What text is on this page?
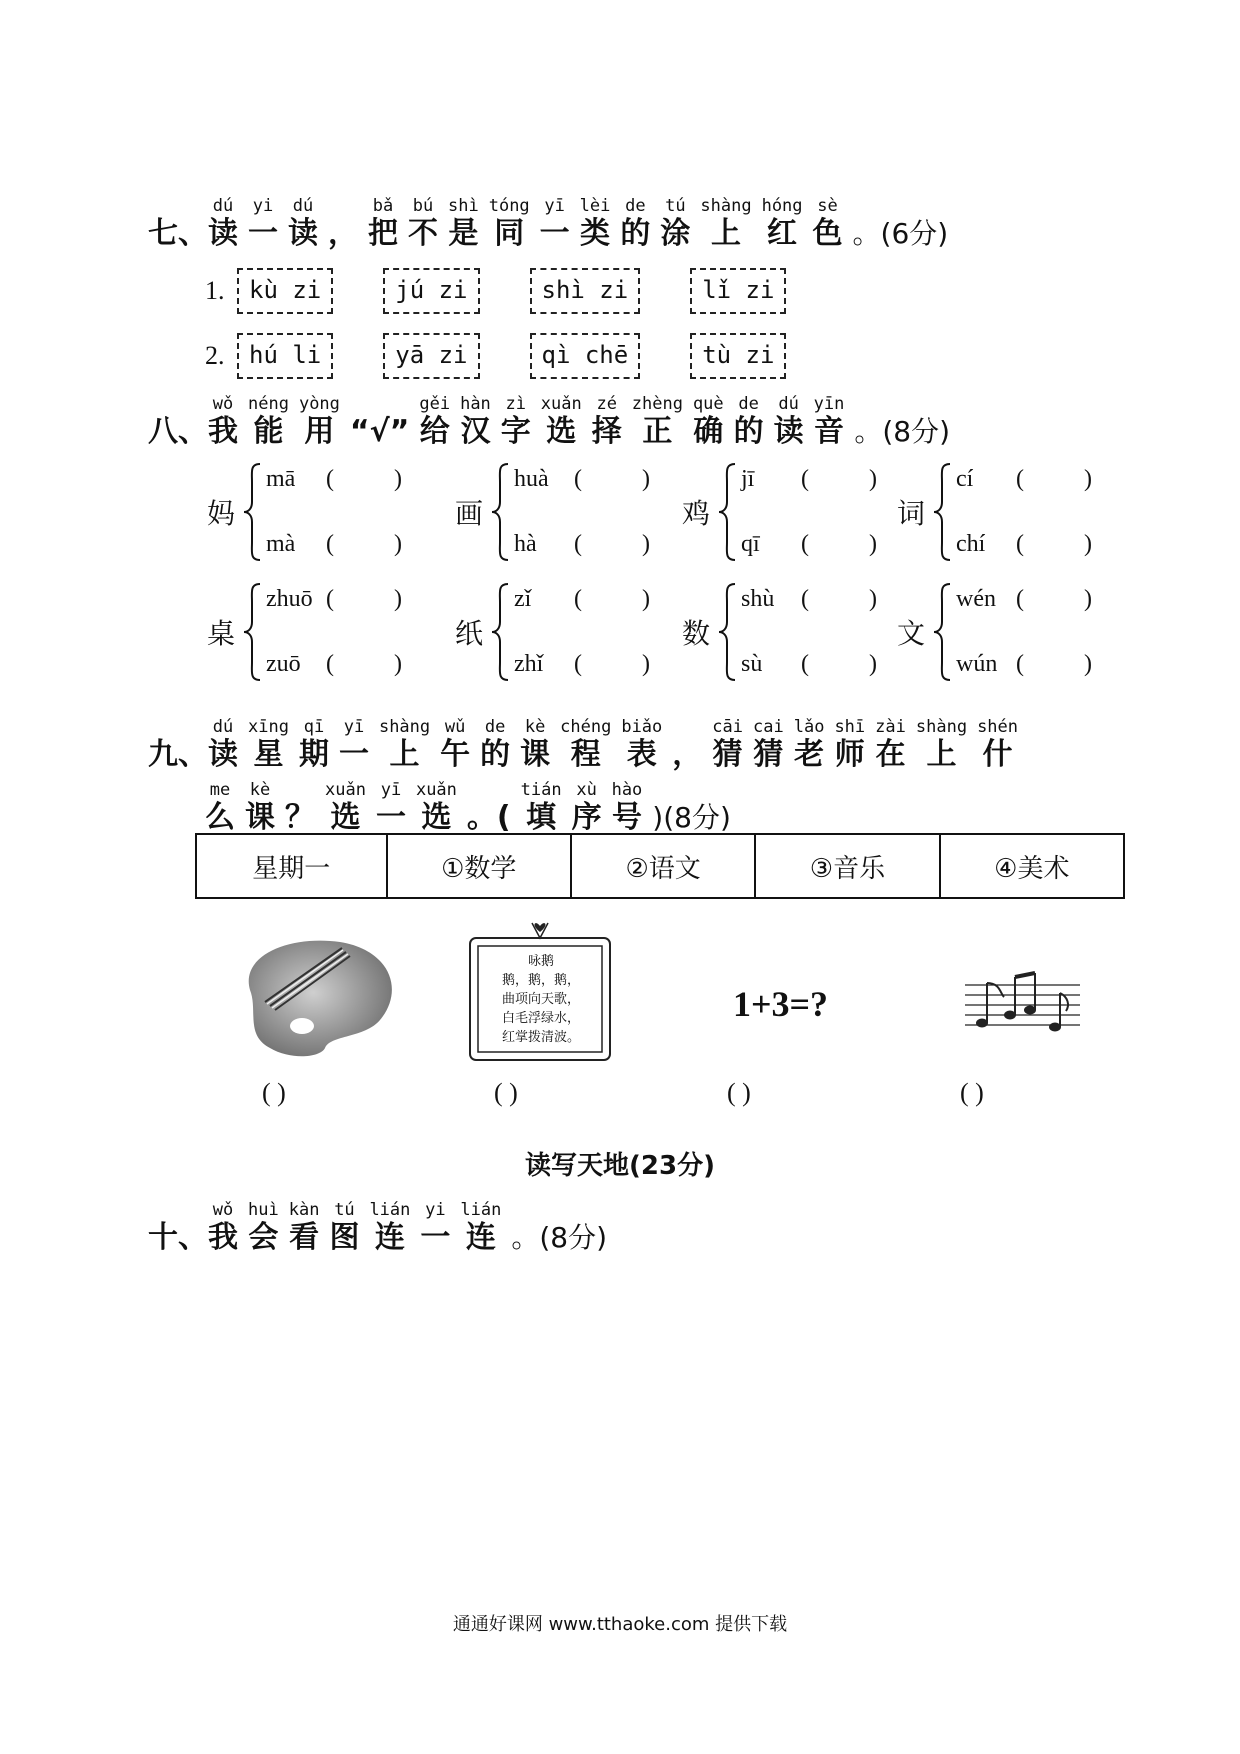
七、
dú
读
yi
一
dú
读 ，
bǎ
把
bú
不
shì
是
tóng
同
yī
一
lèi
类
de
的
tú
涂
shàng
上
hóng
红
sè
色 。(6分)
1.	kù zi	jú zi	shì zi	lǐ zi
2.	hú li	yā zi	qì chē	tù zi
八、
wǒ
我
néng
能
yòng
用 “√”
gěi
给
hàn
汉
zì
字
xuǎn
选
zé
择
zhèng
正
què
确
de
的
dú
读
yīn
音 。(8分)
妈
mā (          )
mà (          )
画
huà (          )
hà (          )
鸡
jī (          )
qī (          )
词
cí (          )
chí (          )
桌
zhuō (          )
zuō (          )
纸
zǐ (          )
zhǐ (          )
数
shù (          )
sù (          )
文
wén (          )
wún (          )
九、
dú
读
xīng
星
qī
期
yī
一
shàng
上
wǔ
午
de
的
kè
课
chéng
程
biǎo
表 ，
cāi
猜
cai
猜
lǎo
老
shī
师
zài
在
shàng
上
shén
什
me
么
kè
课 ？
xuǎn
选
yī
一
xuǎn
选 。(
tián
填
xù
序
hào
号 )(8分)
星期一	①数学	②语文	③音乐	④美术
咏鹅
鹅，鹅，鹅，
曲项向天歌，
白毛浮绿水，
红掌拨清波。
1+3=?
( )	( )	( )	( )
读写天地(23分)
十、
wǒ
我
huì
会
kàn
看
tú
图
lián
连
yi
一
lián
连 。(8分)
通通好课网 www.tthaoke.com 提供下载
